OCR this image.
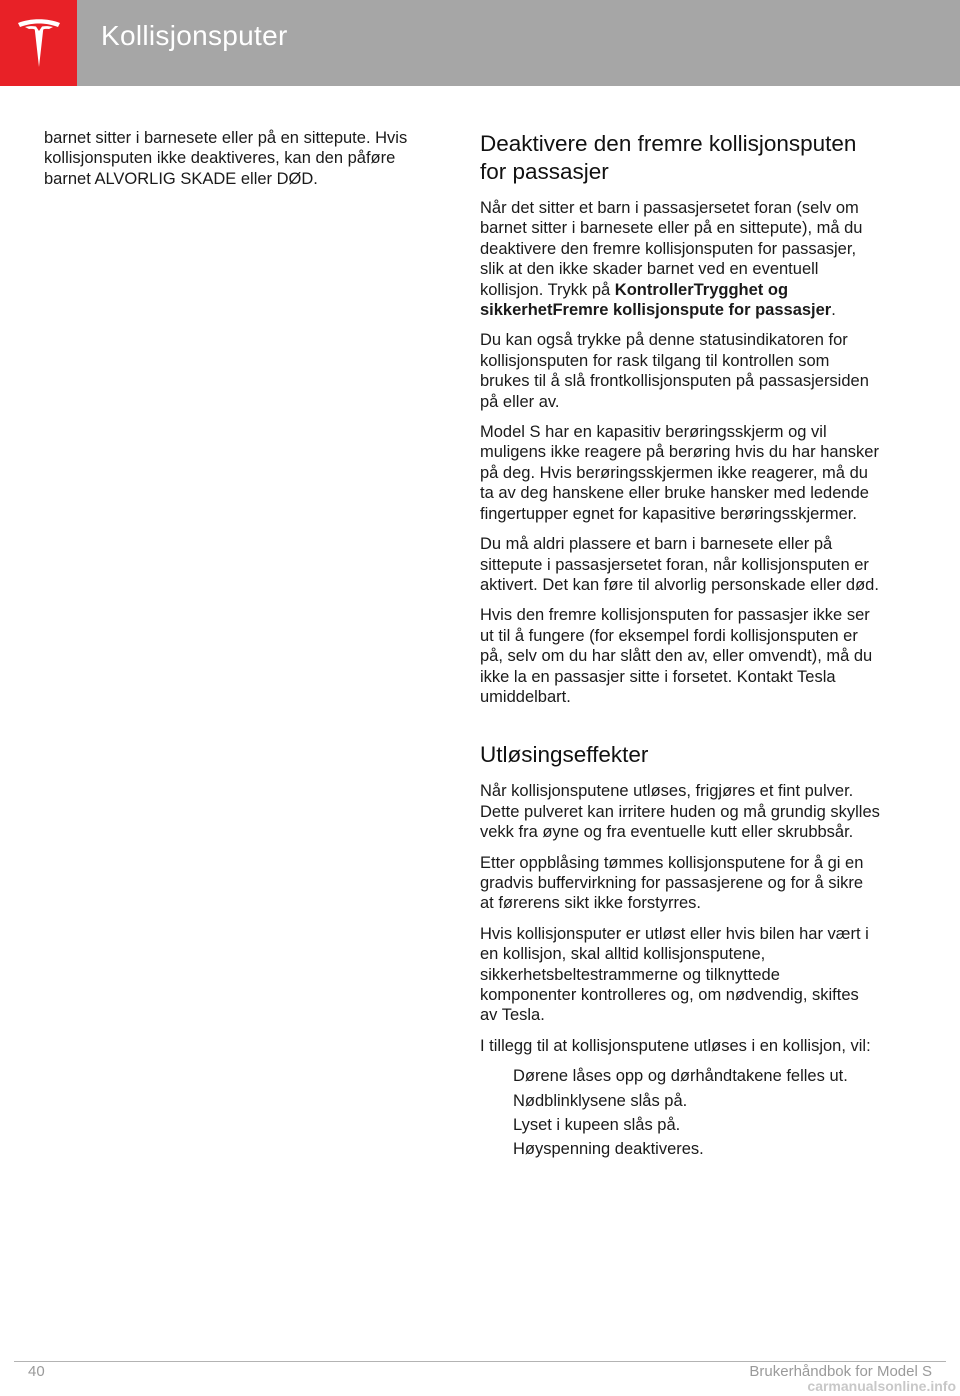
Kollisjonsputer

barnet sitter i barnesete eller på en sittepute. Hvis kollisjonsputen ikke deaktiveres, kan den påføre barnet ALVORLIG SKADE eller DØD.

Deaktivere den fremre kollisjonsputen for passasjer

Når det sitter et barn i passasjersetet foran (selv om barnet sitter i barnesete eller på en sittepute), må du deaktivere den fremre kollisjonsputen for passasjer, slik at den ikke skader barnet ved en eventuell kollisjon. Trykk på KontrollerTrygghet og sikkerhetFremre kollisjonspute for passasjer.

Du kan også trykke på denne statusindikatoren for kollisjonsputen for rask tilgang til kontrollen som brukes til å slå frontkollisjonsputen på passasjersiden på eller av.

Model S har en kapasitiv berøringsskjerm og vil muligens ikke reagere på berøring hvis du har hansker på deg. Hvis berøringsskjermen ikke reagerer, må du ta av deg hanskene eller bruke hansker med ledende fingertupper egnet for kapasitive berøringsskjermer.

Du må aldri plassere et barn i barnesete eller på sittepute i passasjersetet foran, når kollisjonsputen er aktivert. Det kan føre til alvorlig personskade eller død.

Hvis den fremre kollisjonsputen for passasjer ikke ser ut til å fungere (for eksempel fordi kollisjonsputen er på, selv om du har slått den av, eller omvendt), må du ikke la en passasjer sitte i forsetet. Kontakt Tesla umiddelbart.

Utløsingseffekter

Når kollisjonsputene utløses, frigjøres et fint pulver. Dette pulveret kan irritere huden og må grundig skylles vekk fra øyne og fra eventuelle kutt eller skrubbsår.

Etter oppblåsing tømmes kollisjonsputene for å gi en gradvis buffervirkning for passasjerene og for å sikre at førerens sikt ikke forstyrres.

Hvis kollisjonsputer er utløst eller hvis bilen har vært i en kollisjon, skal alltid kollisjonsputene, sikkerhetsbeltestrammerne og tilknyttede komponenter kontrolleres og, om nødvendig, skiftes av Tesla.

I tillegg til at kollisjonsputene utløses i en kollisjon, vil:

Dørene låses opp og dørhåndtakene felles ut.
Nødblinklysene slås på.
Lyset i kupeen slås på.
Høyspenning deaktiveres.
40	Brukerhåndbok for Model S
carmanualsonline.info
